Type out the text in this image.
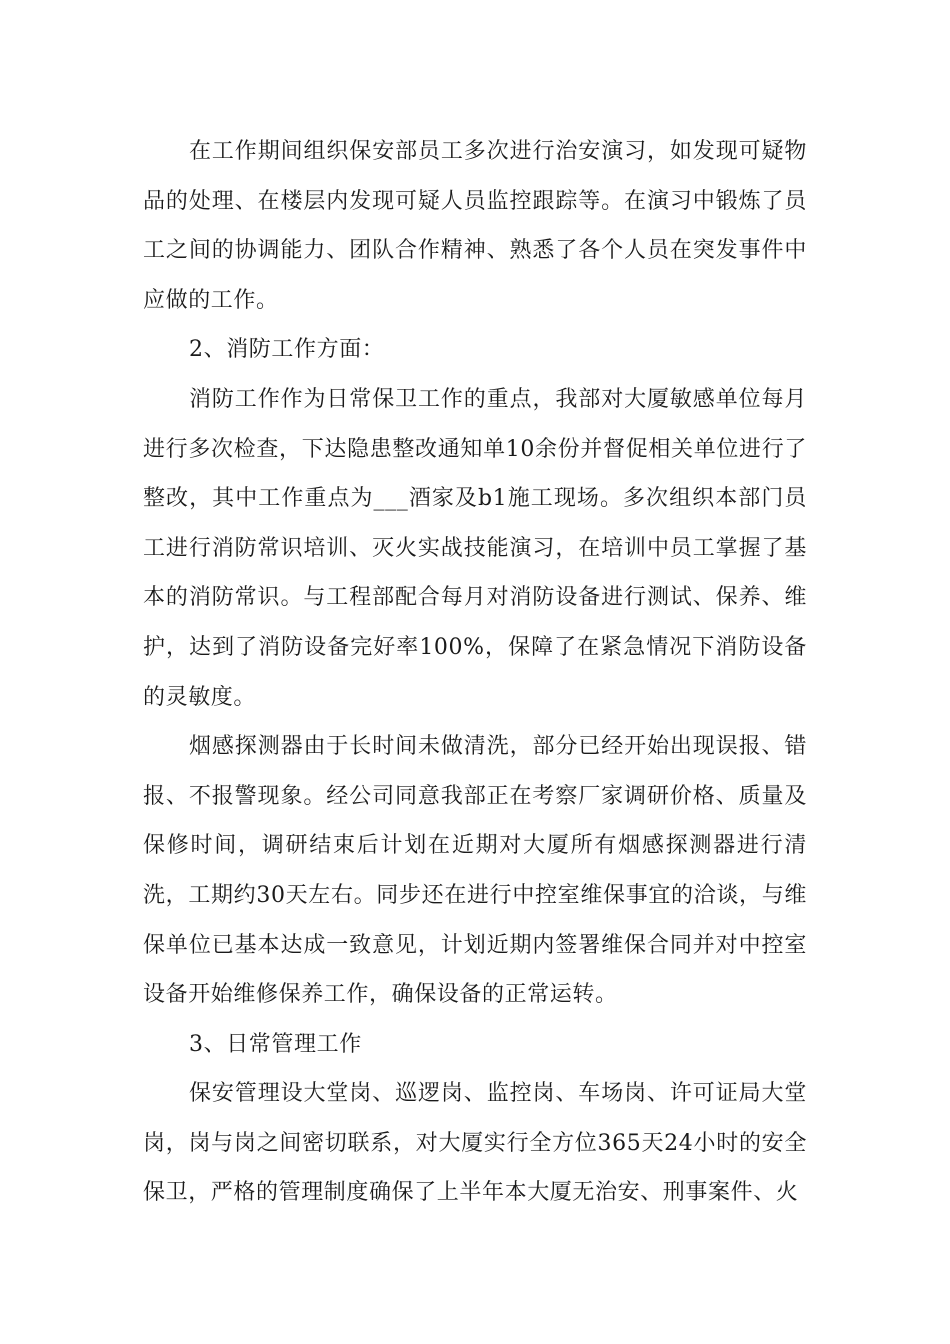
在工作期间组织保安部员工多次进行治安演习，如发现可疑物品的处理、在楼层内发现可疑人员监控跟踪等。在演习中锻炼了员工之间的协调能力、团队合作精神、熟悉了各个人员在突发事件中应做的工作。

2、消防工作方面：

消防工作作为日常保卫工作的重点，我部对大厦敏感单位每月进行多次检查，下达隐患整改通知单10余份并督促相关单位进行了整改，其中工作重点为___酒家及b1施工现场。多次组织本部门员工进行消防常识培训、灭火实战技能演习，在培训中员工掌握了基本的消防常识。与工程部配合每月对消防设备进行测试、保养、维护，达到了消防设备完好率100%，保障了在紧急情况下消防设备的灵敏度。

烟感探测器由于长时间未做清洗，部分已经开始出现误报、错报、不报警现象。经公司同意我部正在考察厂家调研价格、质量及保修时间，调研结束后计划在近期对大厦所有烟感探测器进行清洗，工期约30天左右。同步还在进行中控室维保事宜的洽谈，与维保单位已基本达成一致意见，计划近期内签署维保合同并对中控室设备开始维修保养工作，确保设备的正常运转。

3、日常管理工作

保安管理设大堂岗、巡逻岗、监控岗、车场岗、许可证局大堂岗，岗与岗之间密切联系，对大厦实行全方位365天24小时的安全保卫，严格的管理制度确保了上半年本大厦无治安、刑事案件、火
